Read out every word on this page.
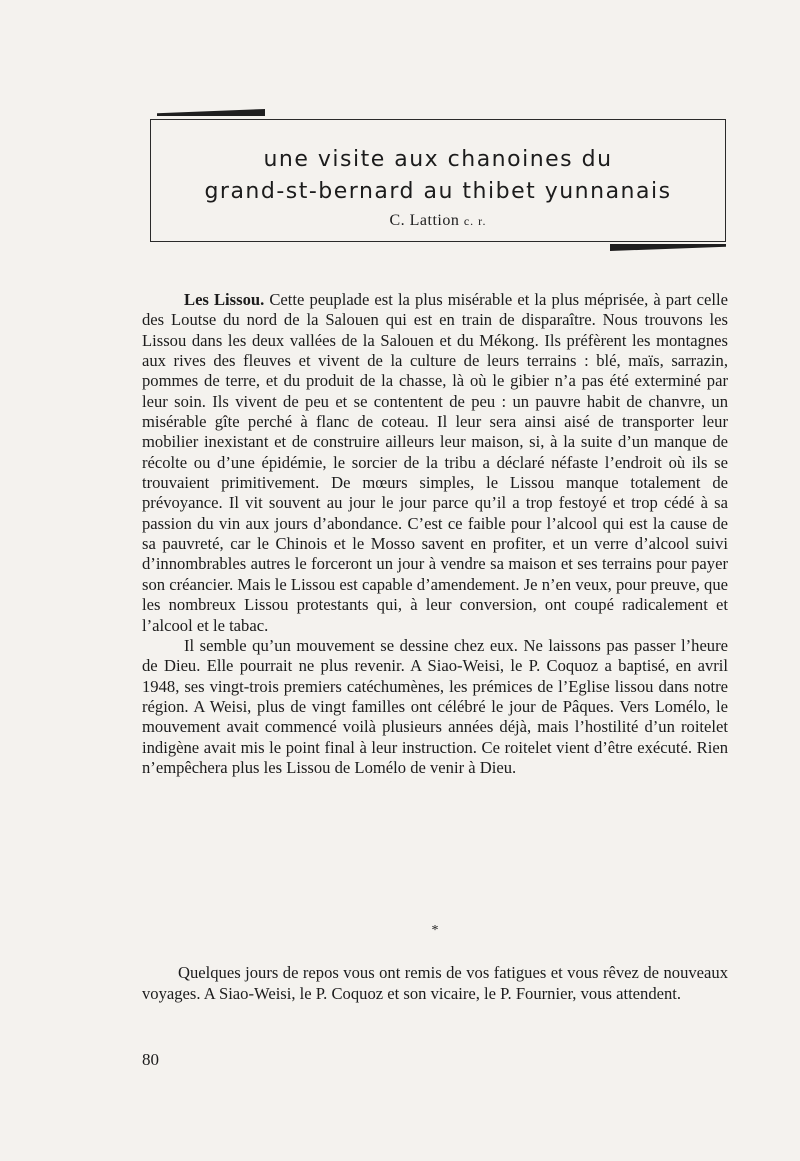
une visite aux chanoines du

grand-st-bernard au thibet yunnanais

C. Lattion c. r.

Les Lissou. Cette peuplade est la plus misérable et la plus méprisée, à part celle des Loutse du nord de la Salouen qui est en train de disparaître. Nous trouvons les Lissou dans les deux vallées de la Salouen et du Mékong. Ils préfèrent les montagnes aux rives des fleuves et vivent de la culture de leurs terrains : blé, maïs, sarrazin, pommes de terre, et du produit de la chasse, là où le gibier n’a pas été exterminé par leur soin. Ils vivent de peu et se contentent de peu : un pauvre habit de chanvre, un misérable gîte perché à flanc de coteau. Il leur sera ainsi aisé de transporter leur mobilier inexistant et de construire ailleurs leur maison, si, à la suite d’un manque de récolte ou d’une épidémie, le sorcier de la tribu a déclaré néfaste l’endroit où ils se trouvaient primitivement. De mœurs simples, le Lissou manque totalement de prévoyance. Il vit souvent au jour le jour parce qu’il a trop festoyé et trop cédé à sa passion du vin aux jours d’abondance. C’est ce faible pour l’alcool qui est la cause de sa pauvreté, car le Chinois et le Mosso savent en profiter, et un verre d’alcool suivi d’innombrables autres le forceront un jour à vendre sa maison et ses terrains pour payer son créancier. Mais le Lissou est capable d’amendement. Je n’en veux, pour preuve, que les nombreux Lissou protestants qui, à leur conversion, ont coupé radicalement et l’alcool et le tabac.

Il semble qu’un mouvement se dessine chez eux. Ne laissons pas passer l’heure de Dieu. Elle pourrait ne plus revenir. A Siao-Weisi, le P. Coquoz a baptisé, en avril 1948, ses vingt-trois premiers catéchumènes, les prémices de l’Eglise lissou dans notre région. A Weisi, plus de vingt familles ont célébré le jour de Pâques. Vers Lomélo, le mouvement avait commencé voilà plusieurs années déjà, mais l’hostilité d’un roitelet indigène avait mis le point final à leur instruction. Ce roitelet vient d’être exécuté. Rien n’empêchera plus les Lissou de Lomélo de venir à Dieu.

*

Quelques jours de repos vous ont remis de vos fatigues et vous rêvez de nouveaux voyages. A Siao-Weisi, le P. Coquoz et son vicaire, le P. Fournier, vous attendent.

80
